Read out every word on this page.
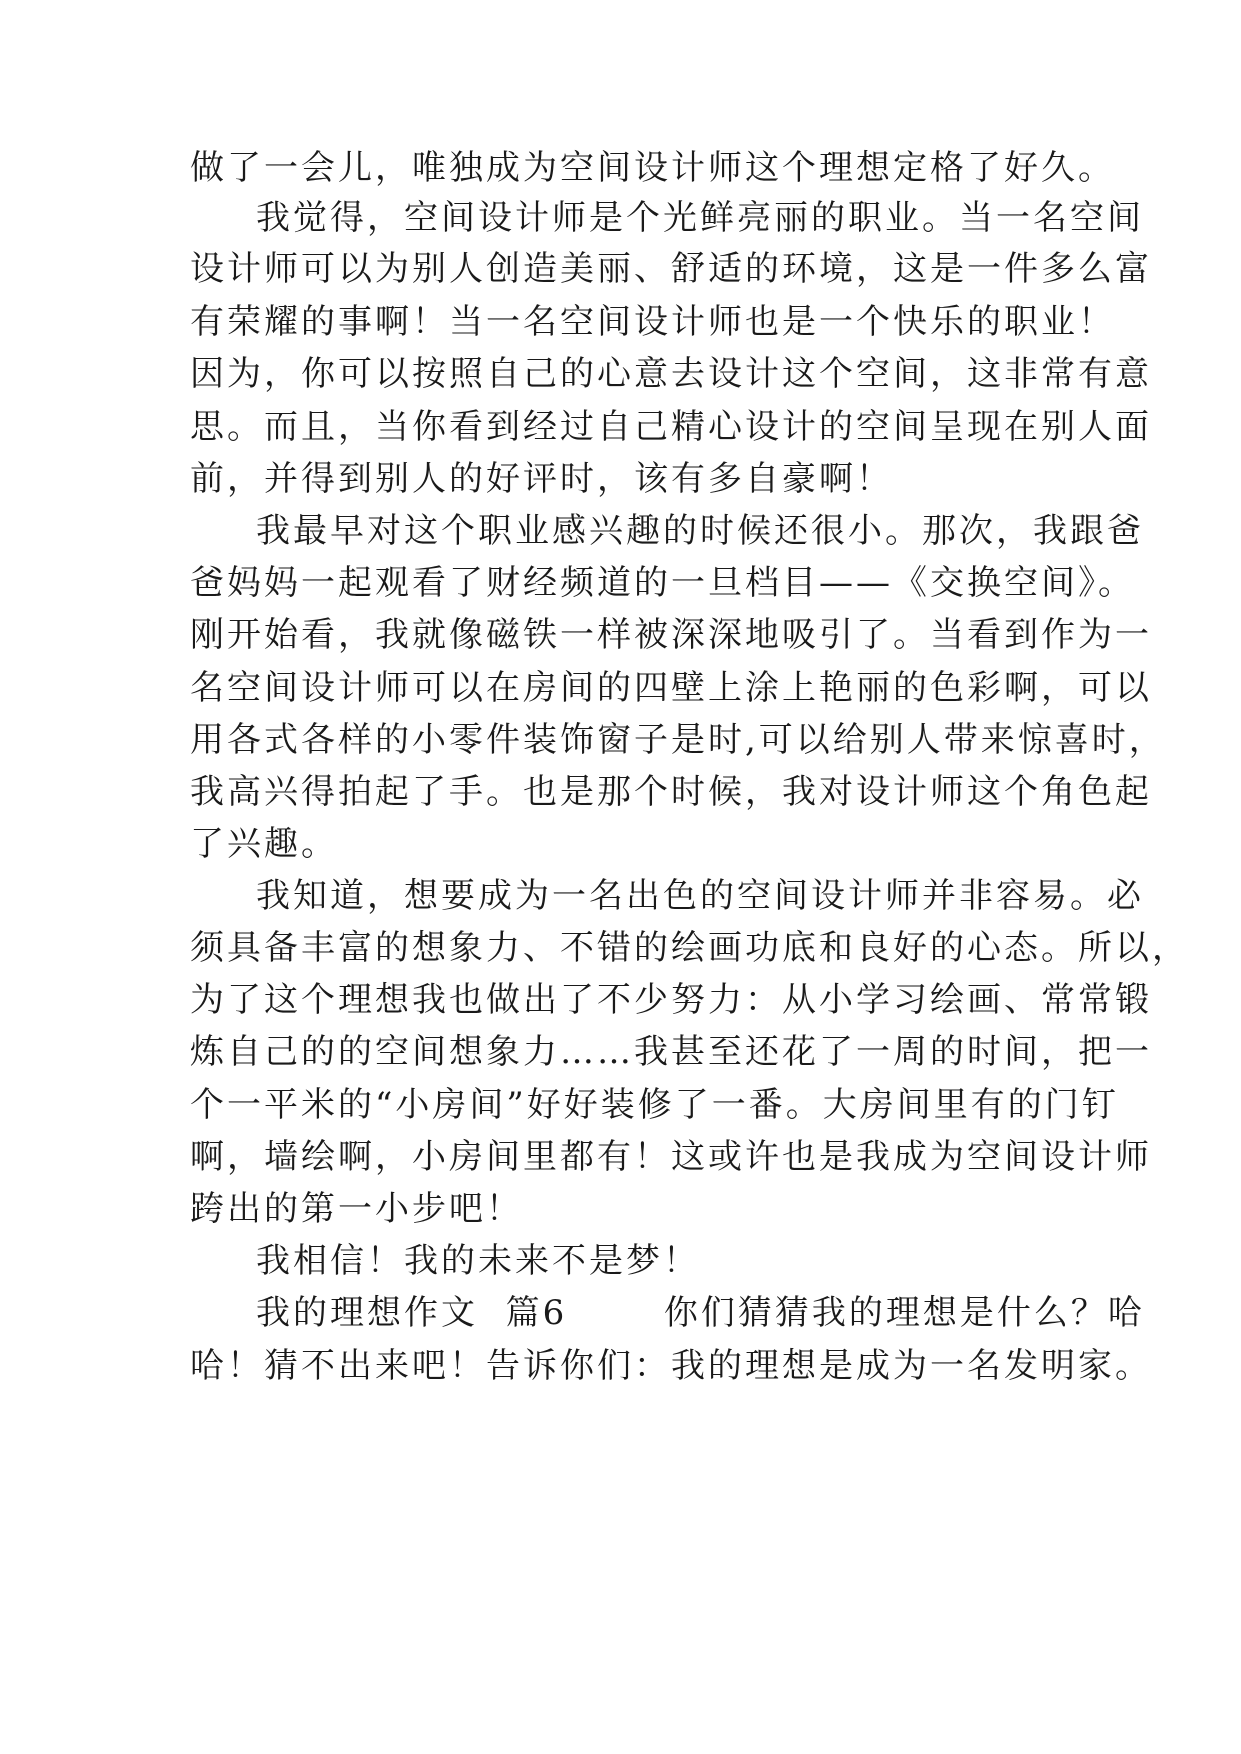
做了一会儿，唯独成为空间设计师这个理想定格了好久。
我觉得，空间设计师是个光鲜亮丽的职业。当一名空间
设计师可以为别人创造美丽、舒适的环境，这是一件多么富
有荣耀的事啊！当一名空间设计师也是一个快乐的职业！
因为，你可以按照自己的心意去设计这个空间，这非常有意
思。而且，当你看到经过自己精心设计的空间呈现在别人面
前，并得到别人的好评时，该有多自豪啊！
我最早对这个职业感兴趣的时候还很小。那次，我跟爸
爸妈妈一起观看了财经频道的一旦档目——《交换空间》。
刚开始看，我就像磁铁一样被深深地吸引了。当看到作为一
名空间设计师可以在房间的四壁上涂上艳丽的色彩啊，可以
用各式各样的小零件装饰窗子是时,可以给别人带来惊喜时，
我高兴得拍起了手。也是那个时候，我对设计师这个角色起
了兴趣。
我知道，想要成为一名出色的空间设计师并非容易。必
须具备丰富的想象力、不错的绘画功底和良好的心态。所以，
为了这个理想我也做出了不少努力：从小学习绘画、常常锻
炼自己的的空间想象力……我甚至还花了一周的时间，把一
个一平米的“小房间”好好装修了一番。大房间里有的门钉
啊，墙绘啊，小房间里都有！这或许也是我成为空间设计师
跨出的第一小步吧！
我相信！我的未来不是梦！
我的理想作文  篇6       你们猜猜我的理想是什么？哈
哈！猜不出来吧！告诉你们：我的理想是成为一名发明家。
